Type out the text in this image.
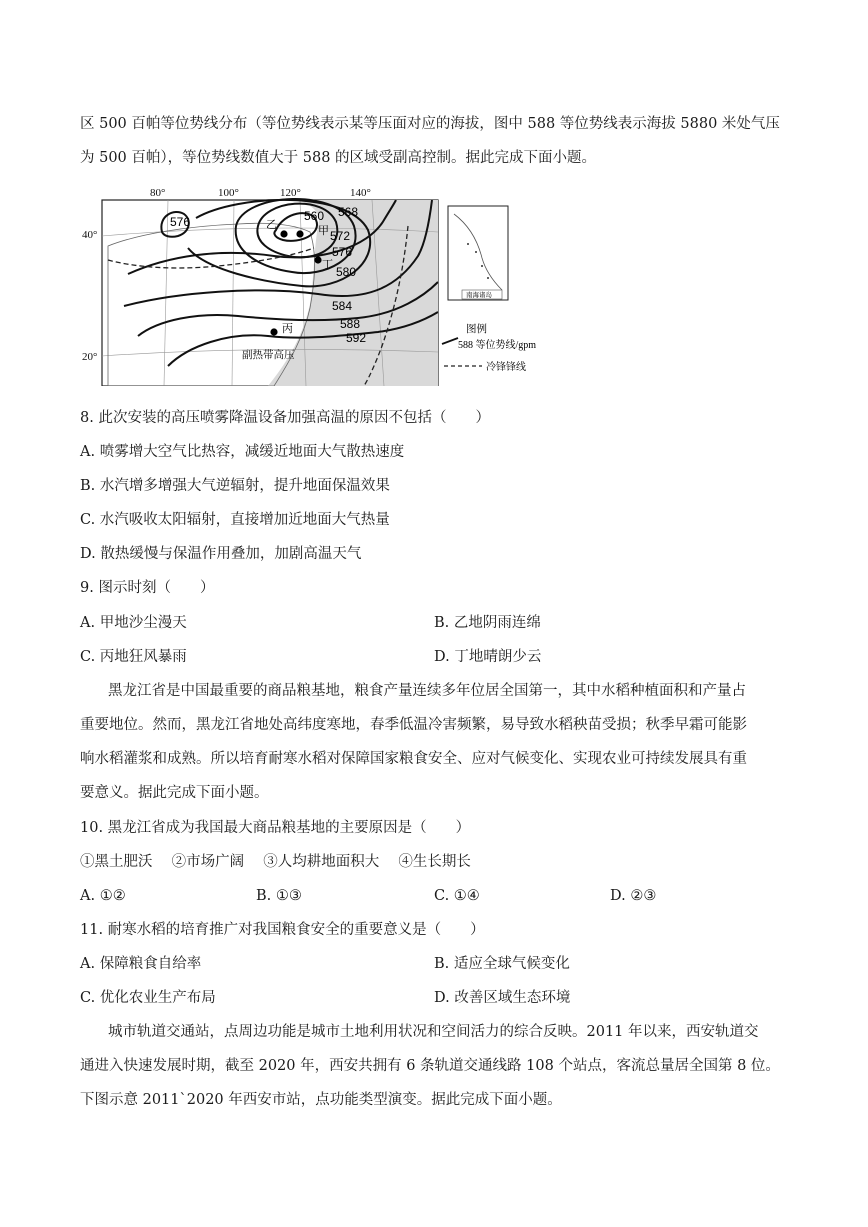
区 500 百帕等位势线分布（等位势线表示某等压面对应的海拔，图中 588 等位势线表示海拔 5880 米处气压
为 500 百帕），等位势线数值大于 588 的区域受副高控制。据此完成下面小题。
80°	100°	120°	140°
40°
20°
576	560 568
572
576
580
584
588
592
甲
乙
丙
丁
副热带高压
南海诸岛
图例
588 等位势线/gpm
冷锋锋线
8. 此次安装的高压喷雾降温设备加强高温的原因不包括（　　）
A. 喷雾增大空气比热容，减缓近地面大气散热速度
B. 水汽增多增强大气逆辐射，提升地面保温效果
C. 水汽吸收太阳辐射，直接增加近地面大气热量
D. 散热缓慢与保温作用叠加，加剧高温天气
9. 图示时刻（　　）
A. 甲地沙尘漫天	B. 乙地阴雨连绵
C. 丙地狂风暴雨	D. 丁地晴朗少云
黑龙江省是中国最重要的商品粮基地，粮食产量连续多年位居全国第一，其中水稻种植面积和产量占
重要地位。然而，黑龙江省地处高纬度寒地，春季低温冷害频繁，易导致水稻秧苗受损；秋季早霜可能影
响水稻灌浆和成熟。所以培育耐寒水稻对保障国家粮食安全、应对气候变化、实现农业可持续发展具有重
要意义。据此完成下面小题。
10. 黑龙江省成为我国最大商品粮基地的主要原因是（　　）
①黑土肥沃　 ②市场广阔　 ③人均耕地面积大　 ④生长期长
A. ①②	B. ①③	C. ①④	D. ②③
11. 耐寒水稻的培育推广对我国粮食安全的重要意义是（　　）
A. 保障粮食自给率	B. 适应全球气候变化
C. 优化农业生产布局	D. 改善区域生态环境
城市轨道交通站，点周边功能是城市土地利用状况和空间活力的综合反映。2011 年以来，西安轨道交
通进入快速发展时期，截至 2020 年，西安共拥有 6 条轨道交通线路 108 个站点，客流总量居全国第 8 位。
下图示意 2011`2020 年西安市站，点功能类型演变。据此完成下面小题。
